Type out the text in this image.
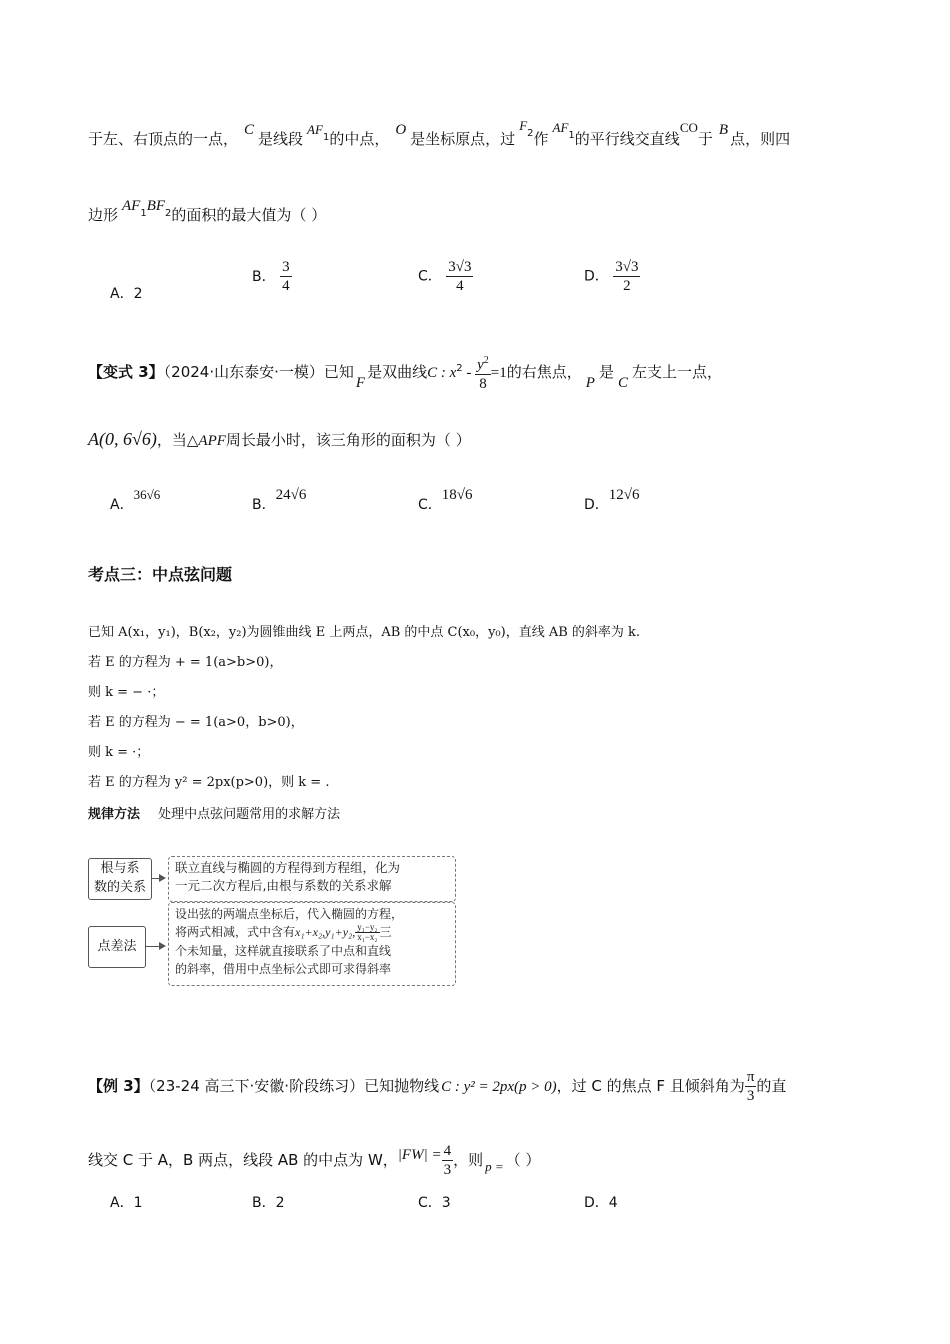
于左、右顶点的一点， C 是线段$AF_1$的中点， O 是坐标原点，过$F_2$作$AF_1$的平行线交直线CO于 B 点，则四
边形 $AF_1BF_2$的面积的最大值为（ ）
A．2
B． $\frac{3}{4}$	C． $\frac{3√3}{4}$	D． $\frac{3√3}{2}$
【变式 3】（2024·山东泰安·一模）已知F是双曲线C : $x^2 - \frac{y^2}{8} =1$的右焦点，P是C左支上一点，
A(0, 6√6)，当△APF周长最小时，该三角形的面积为（ ）
A．36√6
B．24√6
C．18√6
D．12√6
考点三：中点弦问题
已知 A(x₁，y₁)，B(x₂，y₂)为圆锥曲线 E 上两点，AB 的中点 C(x₀，y₀)，直线 AB 的斜率为 k.
若 E 的方程为 + = 1(a>b>0)，
则 k = − ·；
若 E 的方程为 − = 1(a>0，b>0)，
则 k = ·；
若 E 的方程为 y² = 2px(p>0)，则 k = .
规律方法 处理中点弦问题常用的求解方法
根与系
数的关系
联立直线与椭圆的方程得到方程组，化为
一元二次方程后,由根与系数的关系求解
点差法
设出弦的两端点坐标后，代入椭圆的方程，
将两式相减，式中含有x₁+x₂,y₁+y₂, $\frac{\text{y₁−y₂}}{\text{x₁−x₂}}$ 三
个未知量，这样就直接联系了中点和直线
的斜率，借用中点坐标公式即可求得斜率
【例 3】（23-24 高三下·安徽·阶段练习）已知抛物线 C : y² = 2px(p > 0)，过 C 的焦点 F 且倾斜角为 $\frac{\pi}{3}$ 的直
线交 C 于 A，B 两点，线段 AB 的中点为 W，$|FW| = \frac{4}{3}$ ，则 p = （ ）
A．1	B．2	C．3	D．4
